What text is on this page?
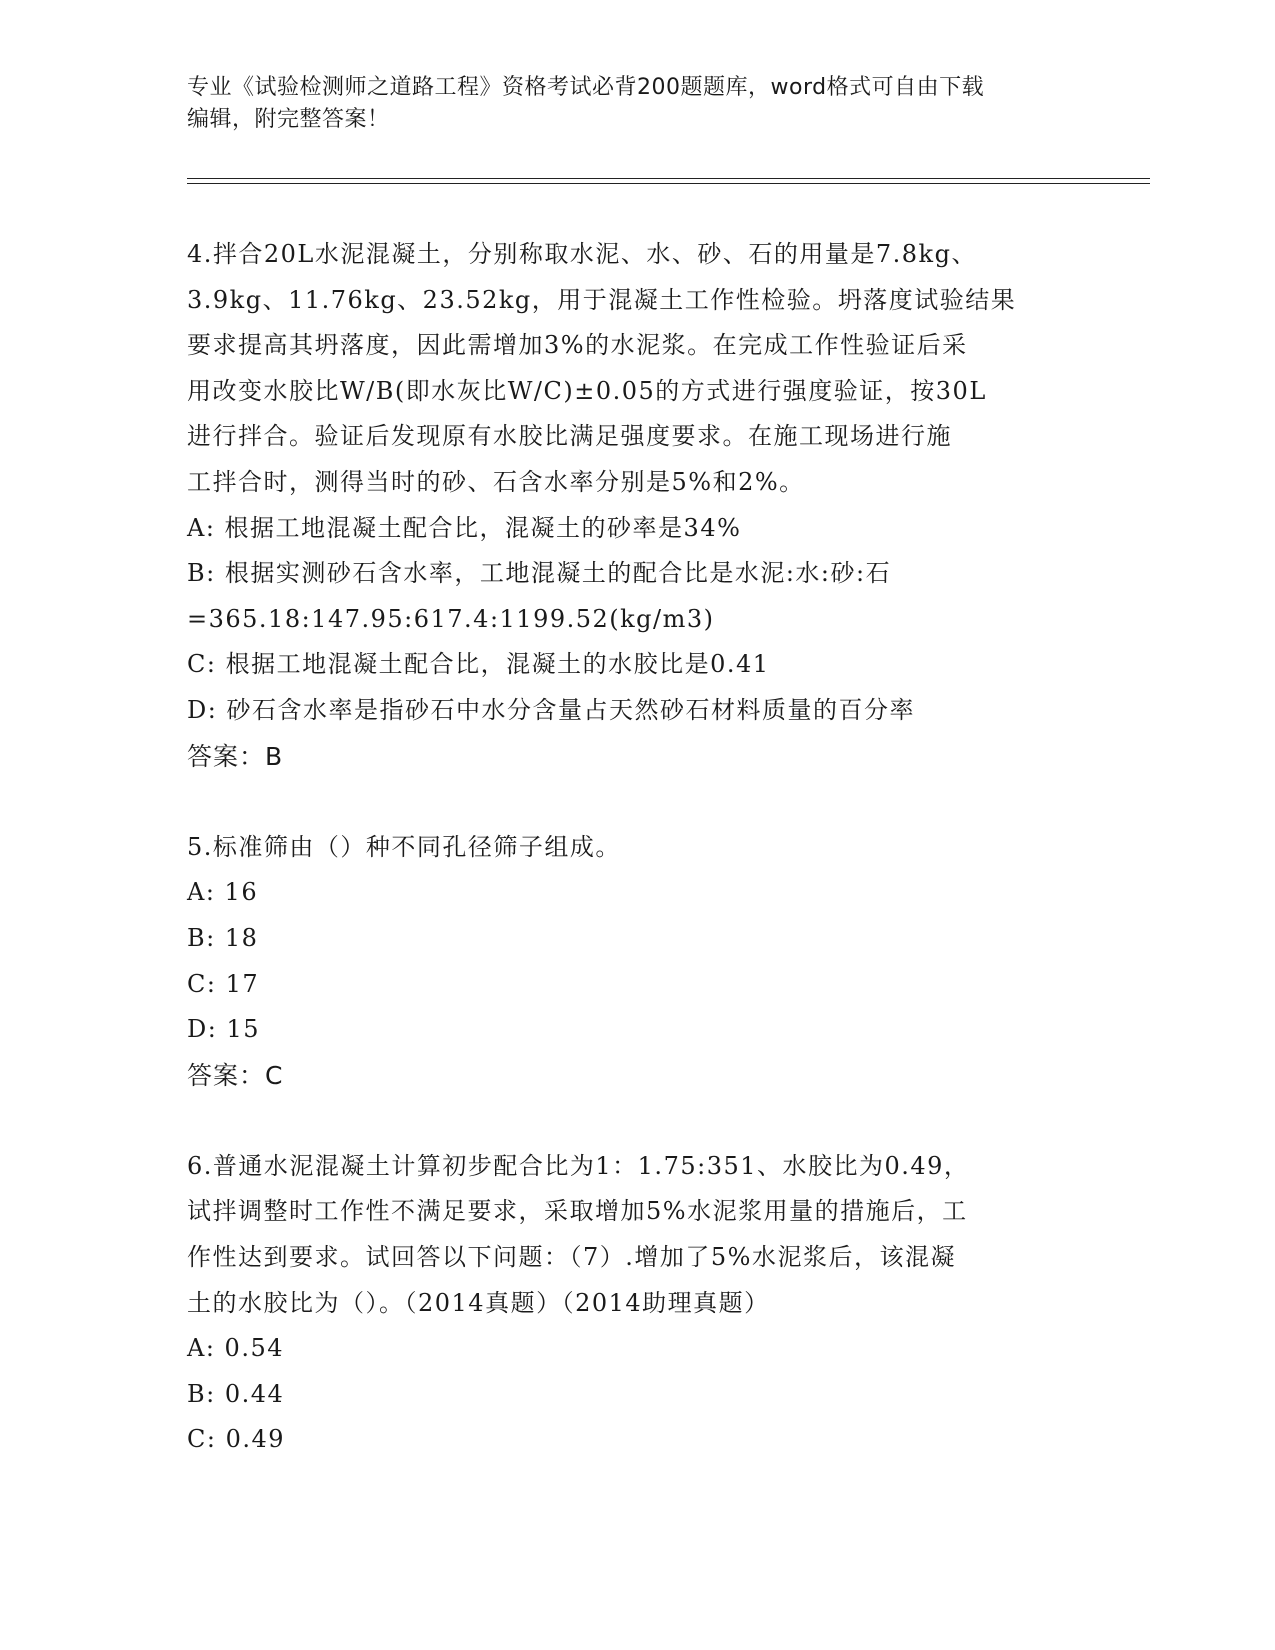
专业《试验检测师之道路工程》资格考试必背200题题库，word格式可自由下载
编辑，附完整答案！
4.拌合20L水泥混凝土，分别称取水泥、水、砂、石的用量是7.8kg、
3.9kg、11.76kg、23.52kg，用于混凝土工作性检验。坍落度试验结果
要求提高其坍落度，因此需增加3%的水泥浆。在完成工作性验证后采
用改变水胶比W/B(即水灰比W/C)±0.05的方式进行强度验证，按30L
进行拌合。验证后发现原有水胶比满足强度要求。在施工现场进行施
工拌合时，测得当时的砂、石含水率分别是5%和2%。
A: 根据工地混凝土配合比，混凝土的砂率是34%
B: 根据实测砂石含水率，工地混凝土的配合比是水泥:水:砂:石
=365.18:147.95:617.4:1199.52(kg/m3)
C: 根据工地混凝土配合比，混凝土的水胶比是0.41
D: 砂石含水率是指砂石中水分含量占天然砂石材料质量的百分率
答案：B
5.标准筛由（）种不同孔径筛子组成。
A: 16
B: 18
C: 17
D: 15
答案：C
6.普通水泥混凝土计算初步配合比为1：1.75:351、水胶比为0.49，
试拌调整时工作性不满足要求，采取增加5%水泥浆用量的措施后，工
作性达到要求。试回答以下问题：（7）.增加了5%水泥浆后，该混凝
土的水胶比为（）。（2014真题）（2014助理真题）
A: 0.54
B: 0.44
C: 0.49
